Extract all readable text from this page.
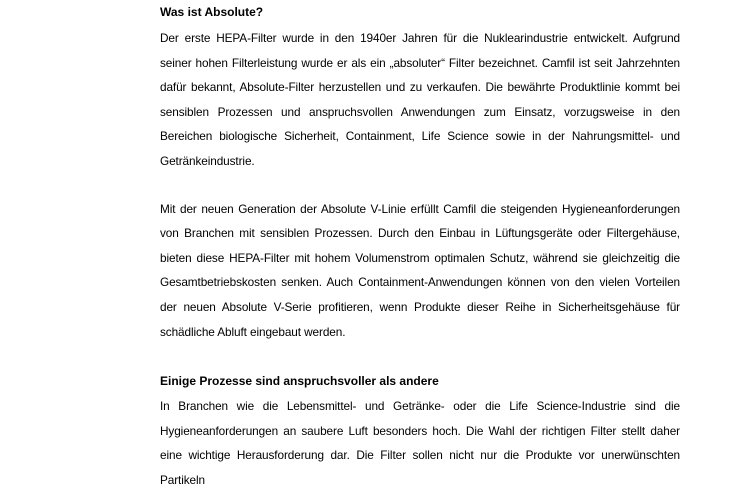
Was ist Absolute?

Der erste HEPA-Filter wurde in den 1940er Jahren für die Nuklearindustrie entwickelt. Aufgrund seiner hohen Filterleistung wurde er als ein „absoluter“ Filter bezeichnet. Camfil ist seit Jahrzehnten dafür bekannt, Absolute-Filter herzustellen und zu verkaufen. Die bewährte Produktlinie kommt bei sensiblen Prozessen und anspruchsvollen Anwendungen zum Einsatz, vorzugsweise in den Bereichen biologische Sicherheit, Containment, Life Science sowie in der Nahrungsmittel- und Getränkeindustrie.

Mit der neuen Generation der Absolute V-Linie erfüllt Camfil die steigenden Hygieneanforderungen von Branchen mit sensiblen Prozessen. Durch den Einbau in Lüftungsgeräte oder Filtergehäuse, bieten diese HEPA-Filter mit hohem Volumenstrom optimalen Schutz, während sie gleichzeitig die Gesamtbetriebskosten senken. Auch Containment-Anwendungen können von den vielen Vorteilen der neuen Absolute V-Serie profitieren, wenn Produkte dieser Reihe in Sicherheitsgehäuse für schädliche Abluft eingebaut werden.

Einige Prozesse sind anspruchsvoller als andere

In Branchen wie die Lebensmittel- und Getränke- oder die Life Science-Industrie sind die Hygieneanforderungen an saubere Luft besonders hoch. Die Wahl der richtigen Filter stellt daher eine wichtige Herausforderung dar. Die Filter sollen nicht nur die Produkte vor unerwünschten Partikeln
